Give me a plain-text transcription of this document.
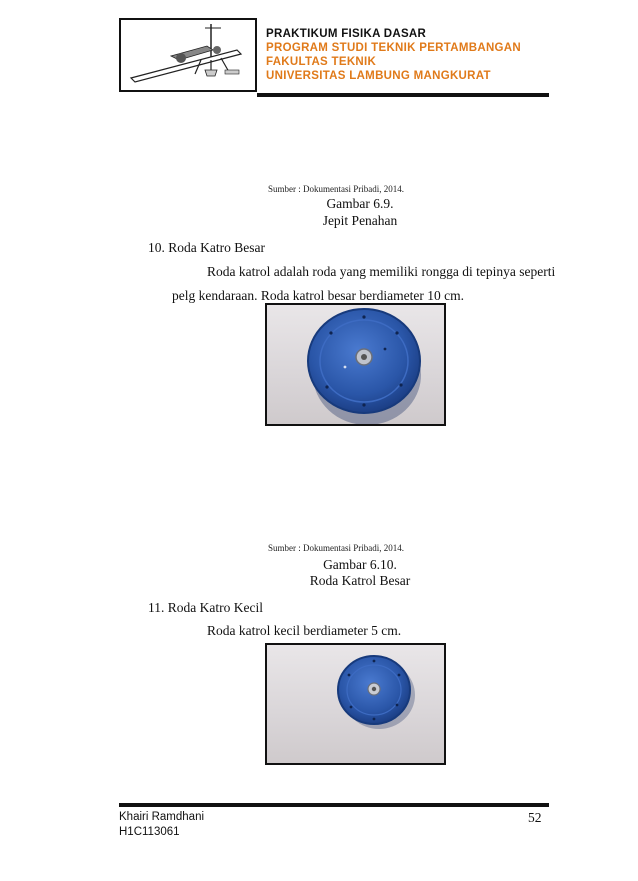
PRAKTIKUM FISIKA DASAR
PROGRAM STUDI TEKNIK PERTAMBANGAN
FAKULTAS TEKNIK
UNIVERSITAS LAMBUNG MANGKURAT
Sumber : Dokumentasi Pribadi, 2014.
Gambar 6.9.
Jepit Penahan
10. Roda Katro Besar
Roda katrol adalah roda yang memiliki rongga di tepinya seperti
pelg kendaraan. Roda katrol besar berdiameter 10 cm.
Sumber : Dokumentasi Pribadi, 2014.
Gambar 6.10.
Roda Katrol Besar
11. Roda Katro Kecil
Roda katrol kecil berdiameter 5 cm.
Khairi Ramdhani
H1C113061
52
